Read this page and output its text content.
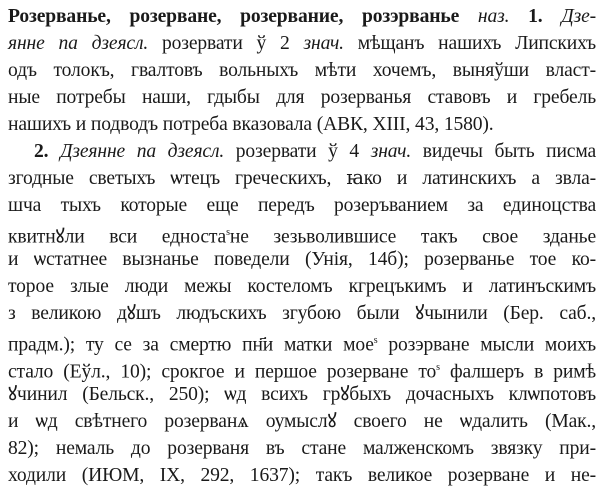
Розерванье, розерване, розервание, розэрванье наз. 1. Дзе-
янне па дзеясл. розервати ў 2 знач. мѣщанъ нашихъ Липскихъ
одъ толокъ, гвалтовъ вольныхъ мѣти хочемъ, выняўши власт-
ные потребы наши, гдыбы для розерванья ставовъ и гребель
нашихъ и подводъ потреба вказовала (АВК, XIII, 43, 1580).
2. Дзеянне па дзеясл. розервати ў 4 знач. видечы быть писма
згодные светыхъ ѡтецъ греческихъ, ꙗко и латинскихъ а звла-
шча тыхъ которые еще передъ розеръванием за единоцства
квитнꙋли вси едноста$^s$не зезьволившисе такъ свое зданье
и ѡстатнее вызнанье поведели (Унія, 14б); розерванье тое ко-
торое злые люди межы костеломъ кгрецъкимъ и латинъскимъ
з великою дꙋшъ людъскихъ згубою были ꙋчынили (Бер. саб.,
прадм.); ту се за смертю пн҃и матки мое$^s$ розэрване мысли моихъ
стало (Еўл., 10); срокгое и першое розерване $то^s$ фалшеръ в римѣ
ꙋчинил (Бельск., 250); ѡд всихъ грꙋбыхъ дочасныхъ клѡпотовъ
и ѡд свѣтнего розерванѧ оумыслꙋ своего не ѡдалить (Мак.,
82); немаль до розерваня въ стане малженскомъ звязку при-
ходили (ИЮМ, IX, 292, 1637); такъ великое розерване и не-
